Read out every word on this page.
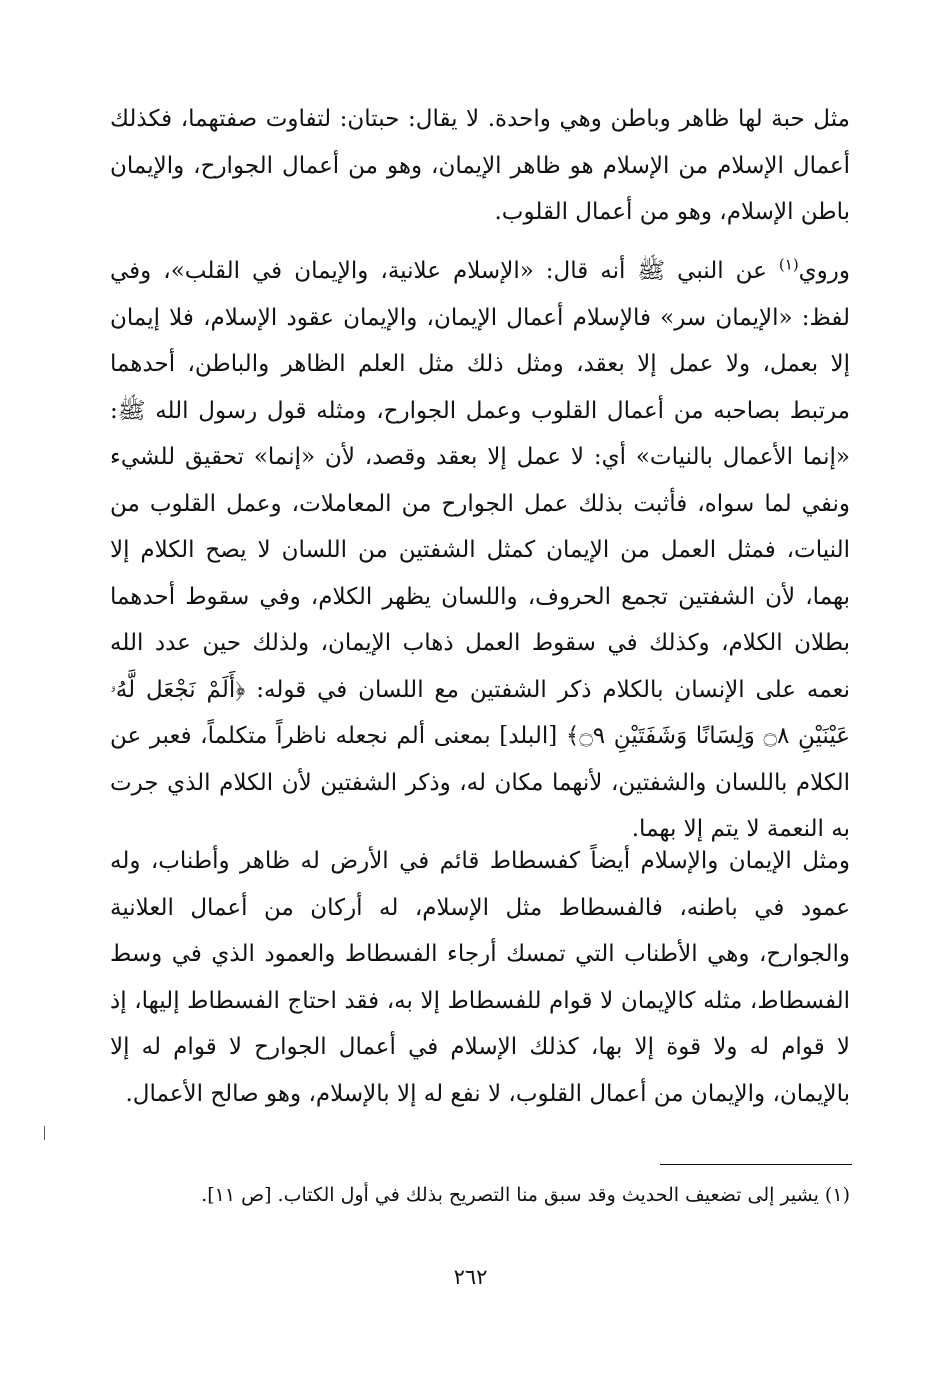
مثل حبة لها ظاهر وباطن وهي واحدة. لا يقال: حبتان: لتفاوت صفتهما، فكذلك أعمال الإسلام من الإسلام هو ظاهر الإيمان، وهو من أعمال الجوارح، والإيمان باطن الإسلام، وهو من أعمال القلوب.

وروي$^{(١)}$ عن النبي ﷺ أنه قال: «الإسلام علانية، والإيمان في القلب»، وفي لفظ: «الإيمان سر» فالإسلام أعمال الإيمان، والإيمان عقود الإسلام، فلا إيمان إلا بعمل، ولا عمل إلا بعقد، ومثل ذلك مثل العلم الظاهر والباطن، أحدهما مرتبط بصاحبه من أعمال القلوب وعمل الجوارح، ومثله قول رسول الله ﷺ: «إنما الأعمال بالنيات» أي: لا عمل إلا بعقد وقصد، لأن «إنما» تحقيق للشيء ونفي لما سواه، فأثبت بذلك عمل الجوارح من المعاملات، وعمل القلوب من النيات، فمثل العمل من الإيمان كمثل الشفتين من اللسان لا يصح الكلام إلا بهما، لأن الشفتين تجمع الحروف، واللسان يظهر الكلام، وفي سقوط أحدهما بطلان الكلام، وكذلك في سقوط العمل ذهاب الإيمان، ولذلك حين عدد الله نعمه على الإنسان بالكلام ذكر الشفتين مع اللسان في قوله: ﴿أَلَمْ نَجْعَل لَّهُۥ عَيْنَيْنِ ۝٨ وَلِسَانًا وَشَفَتَيْنِ ۝٩﴾ [البلد] بمعنى ألم نجعله ناظراً متكلماً، فعبر عن الكلام باللسان والشفتين، لأنهما مكان له، وذكر الشفتين لأن الكلام الذي جرت به النعمة لا يتم إلا بهما.

ومثل الإيمان والإسلام أيضاً كفسطاط قائم في الأرض له ظاهر وأطناب، وله عمود في باطنه، فالفسطاط مثل الإسلام، له أركان من أعمال العلانية والجوارح، وهي الأطناب التي تمسك أرجاء الفسطاط والعمود الذي في وسط الفسطاط، مثله كالإيمان لا قوام للفسطاط إلا به، فقد احتاج الفسطاط إليها، إذ لا قوام له ولا قوة إلا بها، كذلك الإسلام في أعمال الجوارح لا قوام له إلا بالإيمان، والإيمان من أعمال القلوب، لا نفع له إلا بالإسلام، وهو صالح الأعمال.

(١) يشير إلى تضعيف الحديث وقد سبق منا التصريح بذلك في أول الكتاب. [ص ١١].
٢٦٢
